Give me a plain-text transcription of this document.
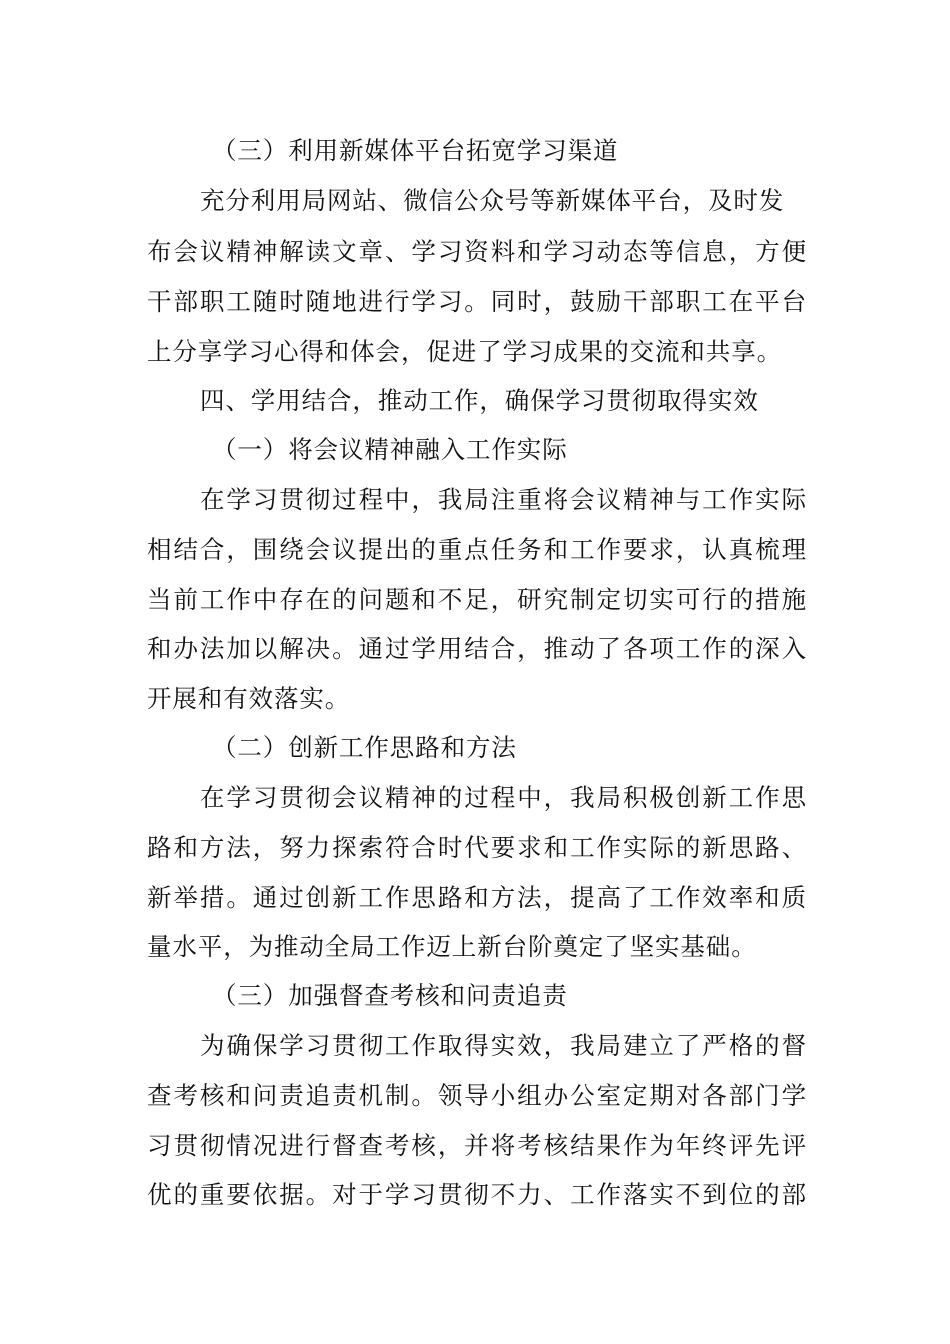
（三）利用新媒体平台拓宽学习渠道
充分利用局网站、微信公众号等新媒体平台，及时发
布会议精神解读文章、学习资料和学习动态等信息，方便
干部职工随时随地进行学习。同时，鼓励干部职工在平台
上分享学习心得和体会，促进了学习成果的交流和共享。
四、学用结合，推动工作，确保学习贯彻取得实效
（一）将会议精神融入工作实际
在学习贯彻过程中，我局注重将会议精神与工作实际
相结合，围绕会议提出的重点任务和工作要求，认真梳理
当前工作中存在的问题和不足，研究制定切实可行的措施
和办法加以解决。通过学用结合，推动了各项工作的深入
开展和有效落实。
（二）创新工作思路和方法
在学习贯彻会议精神的过程中，我局积极创新工作思
路和方法，努力探索符合时代要求和工作实际的新思路、
新举措。通过创新工作思路和方法，提高了工作效率和质
量水平，为推动全局工作迈上新台阶奠定了坚实基础。
（三）加强督查考核和问责追责
为确保学习贯彻工作取得实效，我局建立了严格的督
查考核和问责追责机制。领导小组办公室定期对各部门学
习贯彻情况进行督查考核，并将考核结果作为年终评先评
优的重要依据。对于学习贯彻不力、工作落实不到位的部
